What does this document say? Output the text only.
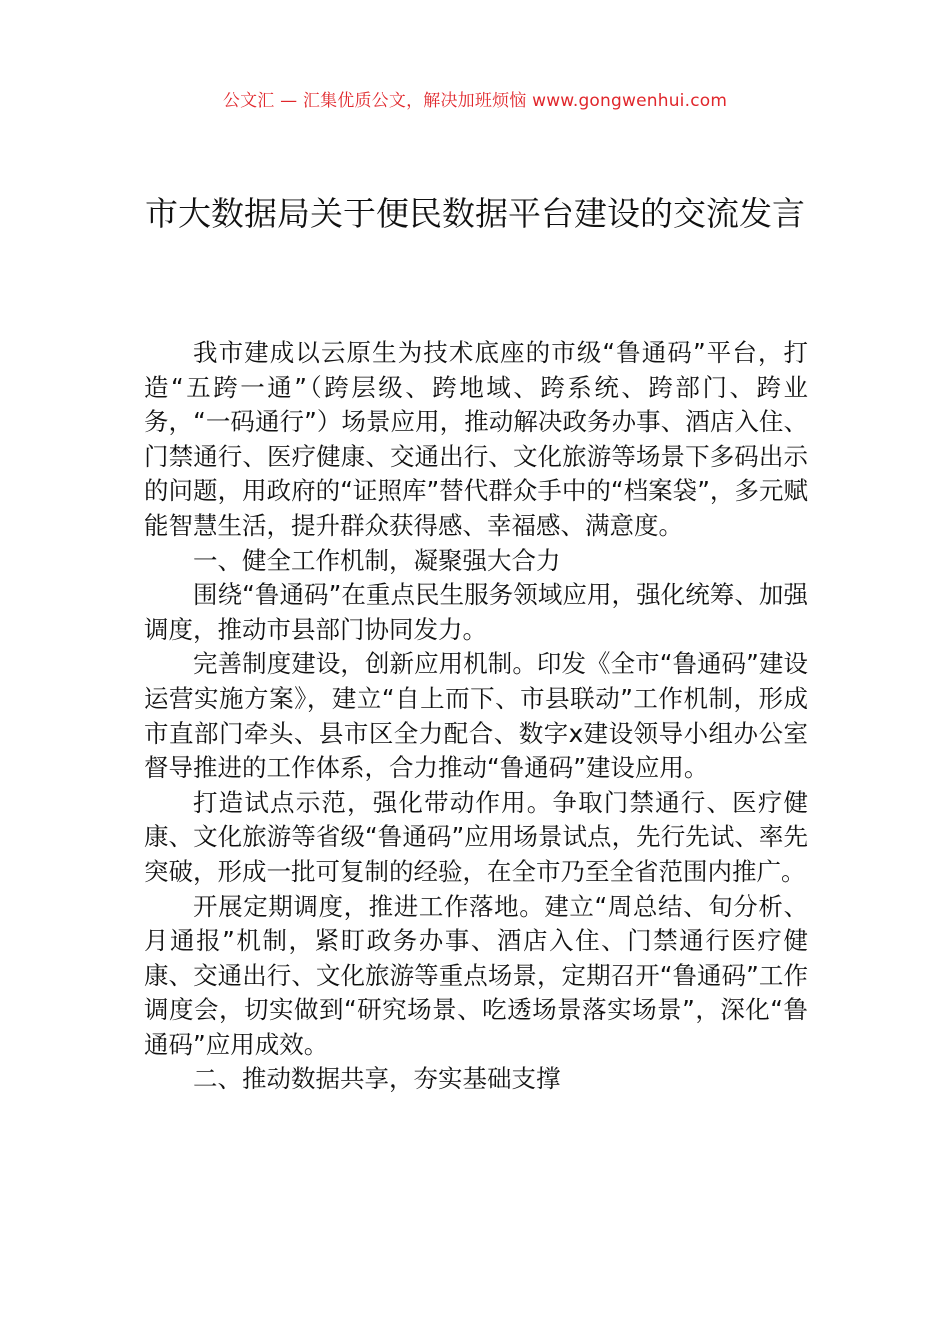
公文汇 — 汇集优质公文，解决加班烦恼 www.gongwenhui.com
市大数据局关于便民数据平台建设的交流发言

我市建成以云原生为技术底座的市级“鲁通码”平台，打造“五跨一通”（跨层级、跨地域、跨系统、跨部门、跨业务，“一码通行”）场景应用，推动解决政务办事、酒店入住、门禁通行、医疗健康、交通出行、文化旅游等场景下多码出示的问题，用政府的“证照库”替代群众手中的“档案袋”，多元赋能智慧生活，提升群众获得感、幸福感、满意度。

一、健全工作机制，凝聚强大合力

围绕“鲁通码”在重点民生服务领域应用，强化统筹、加强调度，推动市县部门协同发力。

完善制度建设，创新应用机制。印发《全市“鲁通码”建设运营实施方案》，建立“自上而下、市县联动”工作机制，形成市直部门牵头、县市区全力配合、数字x建设领导小组办公室督导推进的工作体系，合力推动“鲁通码”建设应用。

打造试点示范，强化带动作用。争取门禁通行、医疗健康、文化旅游等省级“鲁通码”应用场景试点，先行先试、率先突破，形成一批可复制的经验，在全市乃至全省范围内推广。

开展定期调度，推进工作落地。建立“周总结、旬分析、月通报”机制，紧盯政务办事、酒店入住、门禁通行医疗健康、交通出行、文化旅游等重点场景，定期召开“鲁通码”工作调度会，切实做到“研究场景、吃透场景落实场景”，深化“鲁通码”应用成效。

二、推动数据共享，夯实基础支撑
